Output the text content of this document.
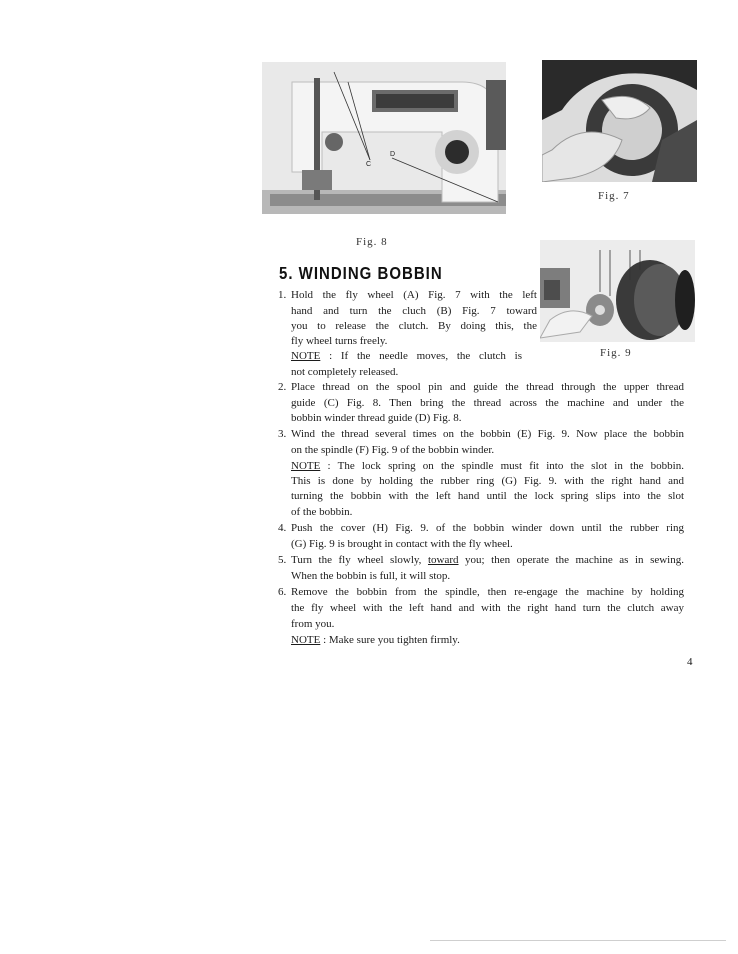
C
D
Fig. 8
Fig. 7
Fig. 9
5. WINDING BOBBIN
1. Hold the fly wheel (A) Fig. 7 with the left
hand and turn the cluch (B) Fig. 7 toward
you to release the clutch. By doing this, the
fly wheel turns freely.
NOTE : If the needle moves, the clutch is
not completely released.
2. Place thread on the spool pin and guide the thread through the upper thread
guide (C) Fig. 8. Then bring the thread across the machine and under the
bobbin winder thread guide (D) Fig. 8.
3. Wind the thread several times on the bobbin (E) Fig. 9. Now place the bobbin
on the spindle (F) Fig. 9 of the bobbin winder.
NOTE : The lock spring on the spindle must fit into the slot in the bobbin.
This is done by holding the rubber ring (G) Fig. 9. with the right hand and
turning the bobbin with the left hand until the lock spring slips into the slot
of the bobbin.
4. Push the cover (H) Fig. 9. of the bobbin winder down until the rubber ring
(G) Fig. 9 is brought in contact with the fly wheel.
5. Turn the fly wheel slowly, toward you; then operate the machine as in sewing.
When the bobbin is full, it will stop.
6. Remove the bobbin from the spindle, then re-engage the machine by holding
the fly wheel with the left hand and with the right hand turn the clutch away
from you.
NOTE : Make sure you tighten firmly.
4
